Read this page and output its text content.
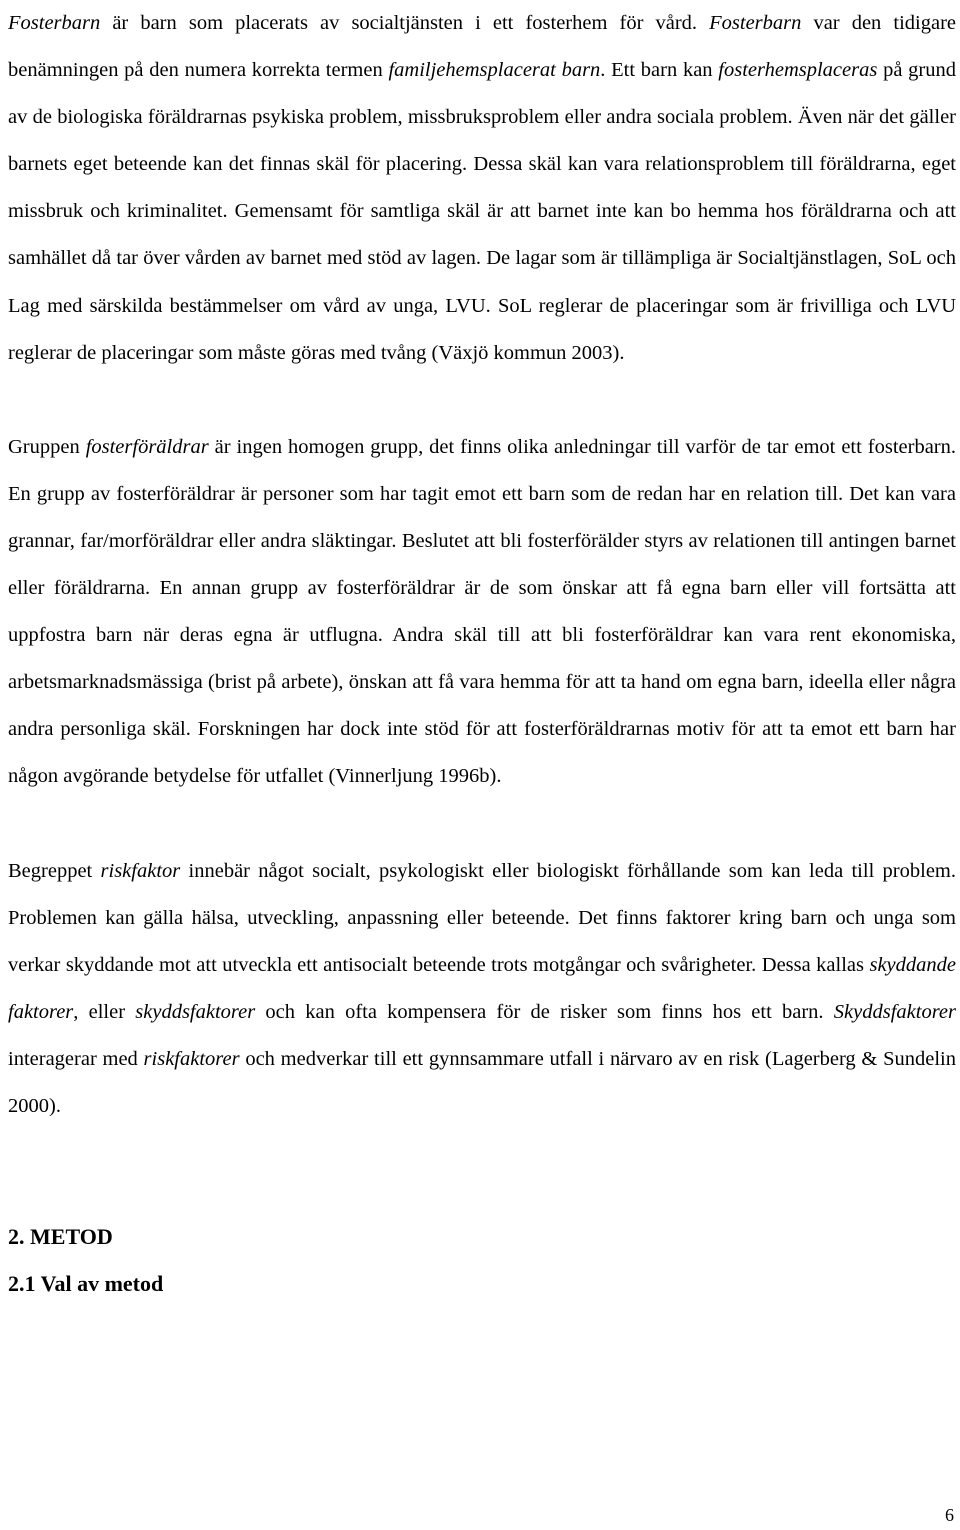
Fosterbarn är barn som placerats av socialtjänsten i ett fosterhem för vård. Fosterbarn var den tidigare benämningen på den numera korrekta termen familjehemsplacerat barn. Ett barn kan fosterhemsplaceras på grund av de biologiska föräldrarnas psykiska problem, missbruksproblem eller andra sociala problem. Även när det gäller barnets eget beteende kan det finnas skäl för placering. Dessa skäl kan vara relationsproblem till föräldrarna, eget missbruk och kriminalitet. Gemensamt för samtliga skäl är att barnet inte kan bo hemma hos föräldrarna och att samhället då tar över vården av barnet med stöd av lagen. De lagar som är tillämpliga är Socialtjänstlagen, SoL och Lag med särskilda bestämmelser om vård av unga, LVU. SoL reglerar de placeringar som är frivilliga och LVU reglerar de placeringar som måste göras med tvång (Växjö kommun 2003).

Gruppen fosterföräldrar är ingen homogen grupp, det finns olika anledningar till varför de tar emot ett fosterbarn. En grupp av fosterföräldrar är personer som har tagit emot ett barn som de redan har en relation till. Det kan vara grannar, far/morföräldrar eller andra släktingar. Beslutet att bli fosterförälder styrs av relationen till antingen barnet eller föräldrarna. En annan grupp av fosterföräldrar är de som önskar att få egna barn eller vill fortsätta att uppfostra barn när deras egna är utflugna. Andra skäl till att bli fosterföräldrar kan vara rent ekonomiska, arbetsmarknadsmässiga (brist på arbete), önskan att få vara hemma för att ta hand om egna barn, ideella eller några andra personliga skäl. Forskningen har dock inte stöd för att fosterföräldrarnas motiv för att ta emot ett barn har någon avgörande betydelse för utfallet (Vinnerljung 1996b).

Begreppet riskfaktor innebär något socialt, psykologiskt eller biologiskt förhållande som kan leda till problem. Problemen kan gälla hälsa, utveckling, anpassning eller beteende. Det finns faktorer kring barn och unga som verkar skyddande mot att utveckla ett antisocialt beteende trots motgångar och svårigheter. Dessa kallas skyddande faktorer, eller skyddsfaktorer och kan ofta kompensera för de risker som finns hos ett barn. Skyddsfaktorer interagerar med riskfaktorer och medverkar till ett gynnsammare utfall i närvaro av en risk (Lagerberg & Sundelin 2000).

2. METOD

2.1 Val av metod

6
